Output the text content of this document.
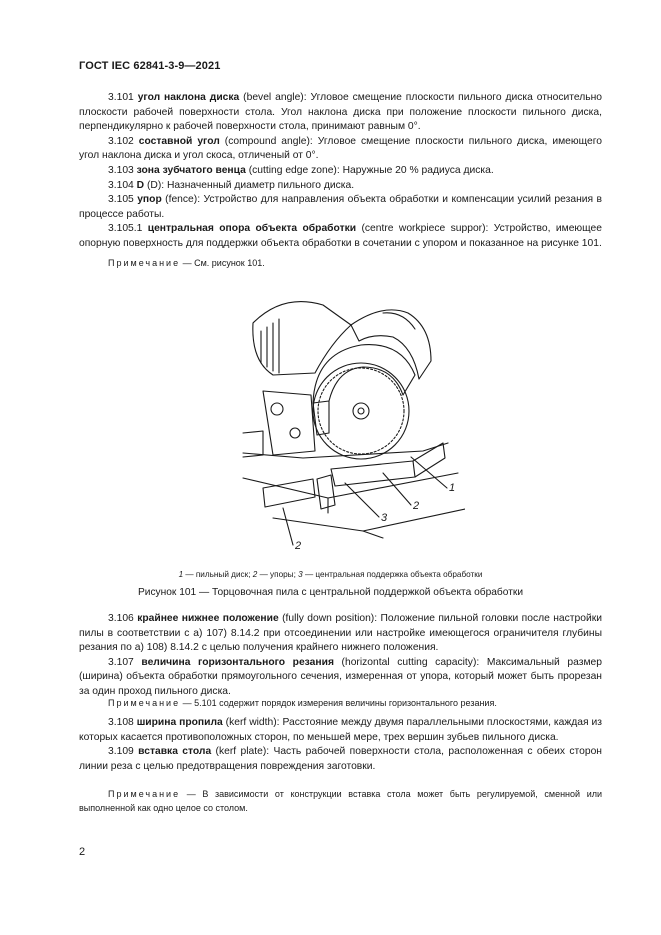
ГОСТ IEC 62841-3-9—2021

3.101 угол наклона диска (bevel angle): Угловое смещение плоскости пильного диска относительно плоскости рабочей поверхности стола. Угол наклона диска при положение плоскости пильного диска, перпендикулярно к рабочей поверхности стола, принимают равным 0°.

3.102 составной угол (compound angle): Угловое смещение плоскости пильного диска, имеющего угол наклона диска и угол скоса, отличеный от 0°.

3.103 зона зубчатого венца (cutting edge zone): Наружные 20 % радиуса диска.

3.104 D (D): Назначенный диаметр пильного диска.

3.105 упор (fence): Устройство для направления объекта обработки и компенсации усилий резания в процессе работы.

3.105.1 центральная опора объекта обработки (centre workpiece suppor): Устройство, имеющее опорную поверхность для поддержки объекта обработки в сочетании с упором и показанное на рисунке 101.

Примечание — См. рисунок 101.

1
2
3
2
1 — пильный диск; 2 — упоры; 3 — центральная поддержка объекта обработки
Рисунок 101 — Торцовочная пила с центральной поддержкой объекта обработки

3.106 крайнее нижнее положение (fully down position): Положение пильной головки после настройки пилы в соответствии с а) 107) 8.14.2 при отсоединении или настройке имеющегося ограничителя глубины резания по а) 108) 8.14.2 с целью получения крайнего нижнего положения.

3.107 величина горизонтального резания (horizontal cutting capacity): Максимальный размер (ширина) объекта обработки прямоугольного сечения, измеренная от упора, который может быть прорезан за один проход пильного диска.

Примечание — 5.101 содержит порядок измерения величины горизонтального резания.

3.108 ширина пропила (kerf width): Расстояние между двумя параллельными плоскостями, каждая из которых касается противоположных сторон, по меньшей мере, трех вершин зубьев пильного диска.

3.109 вставка стола (kerf plate): Часть рабочей поверхности стола, расположенная с обеих сторон линии реза с целью предотвращения повреждения заготовки.

Примечание — В зависимости от конструкции вставка стола может быть регулируемой, сменной или выполненной как одно целое со столом.

2
